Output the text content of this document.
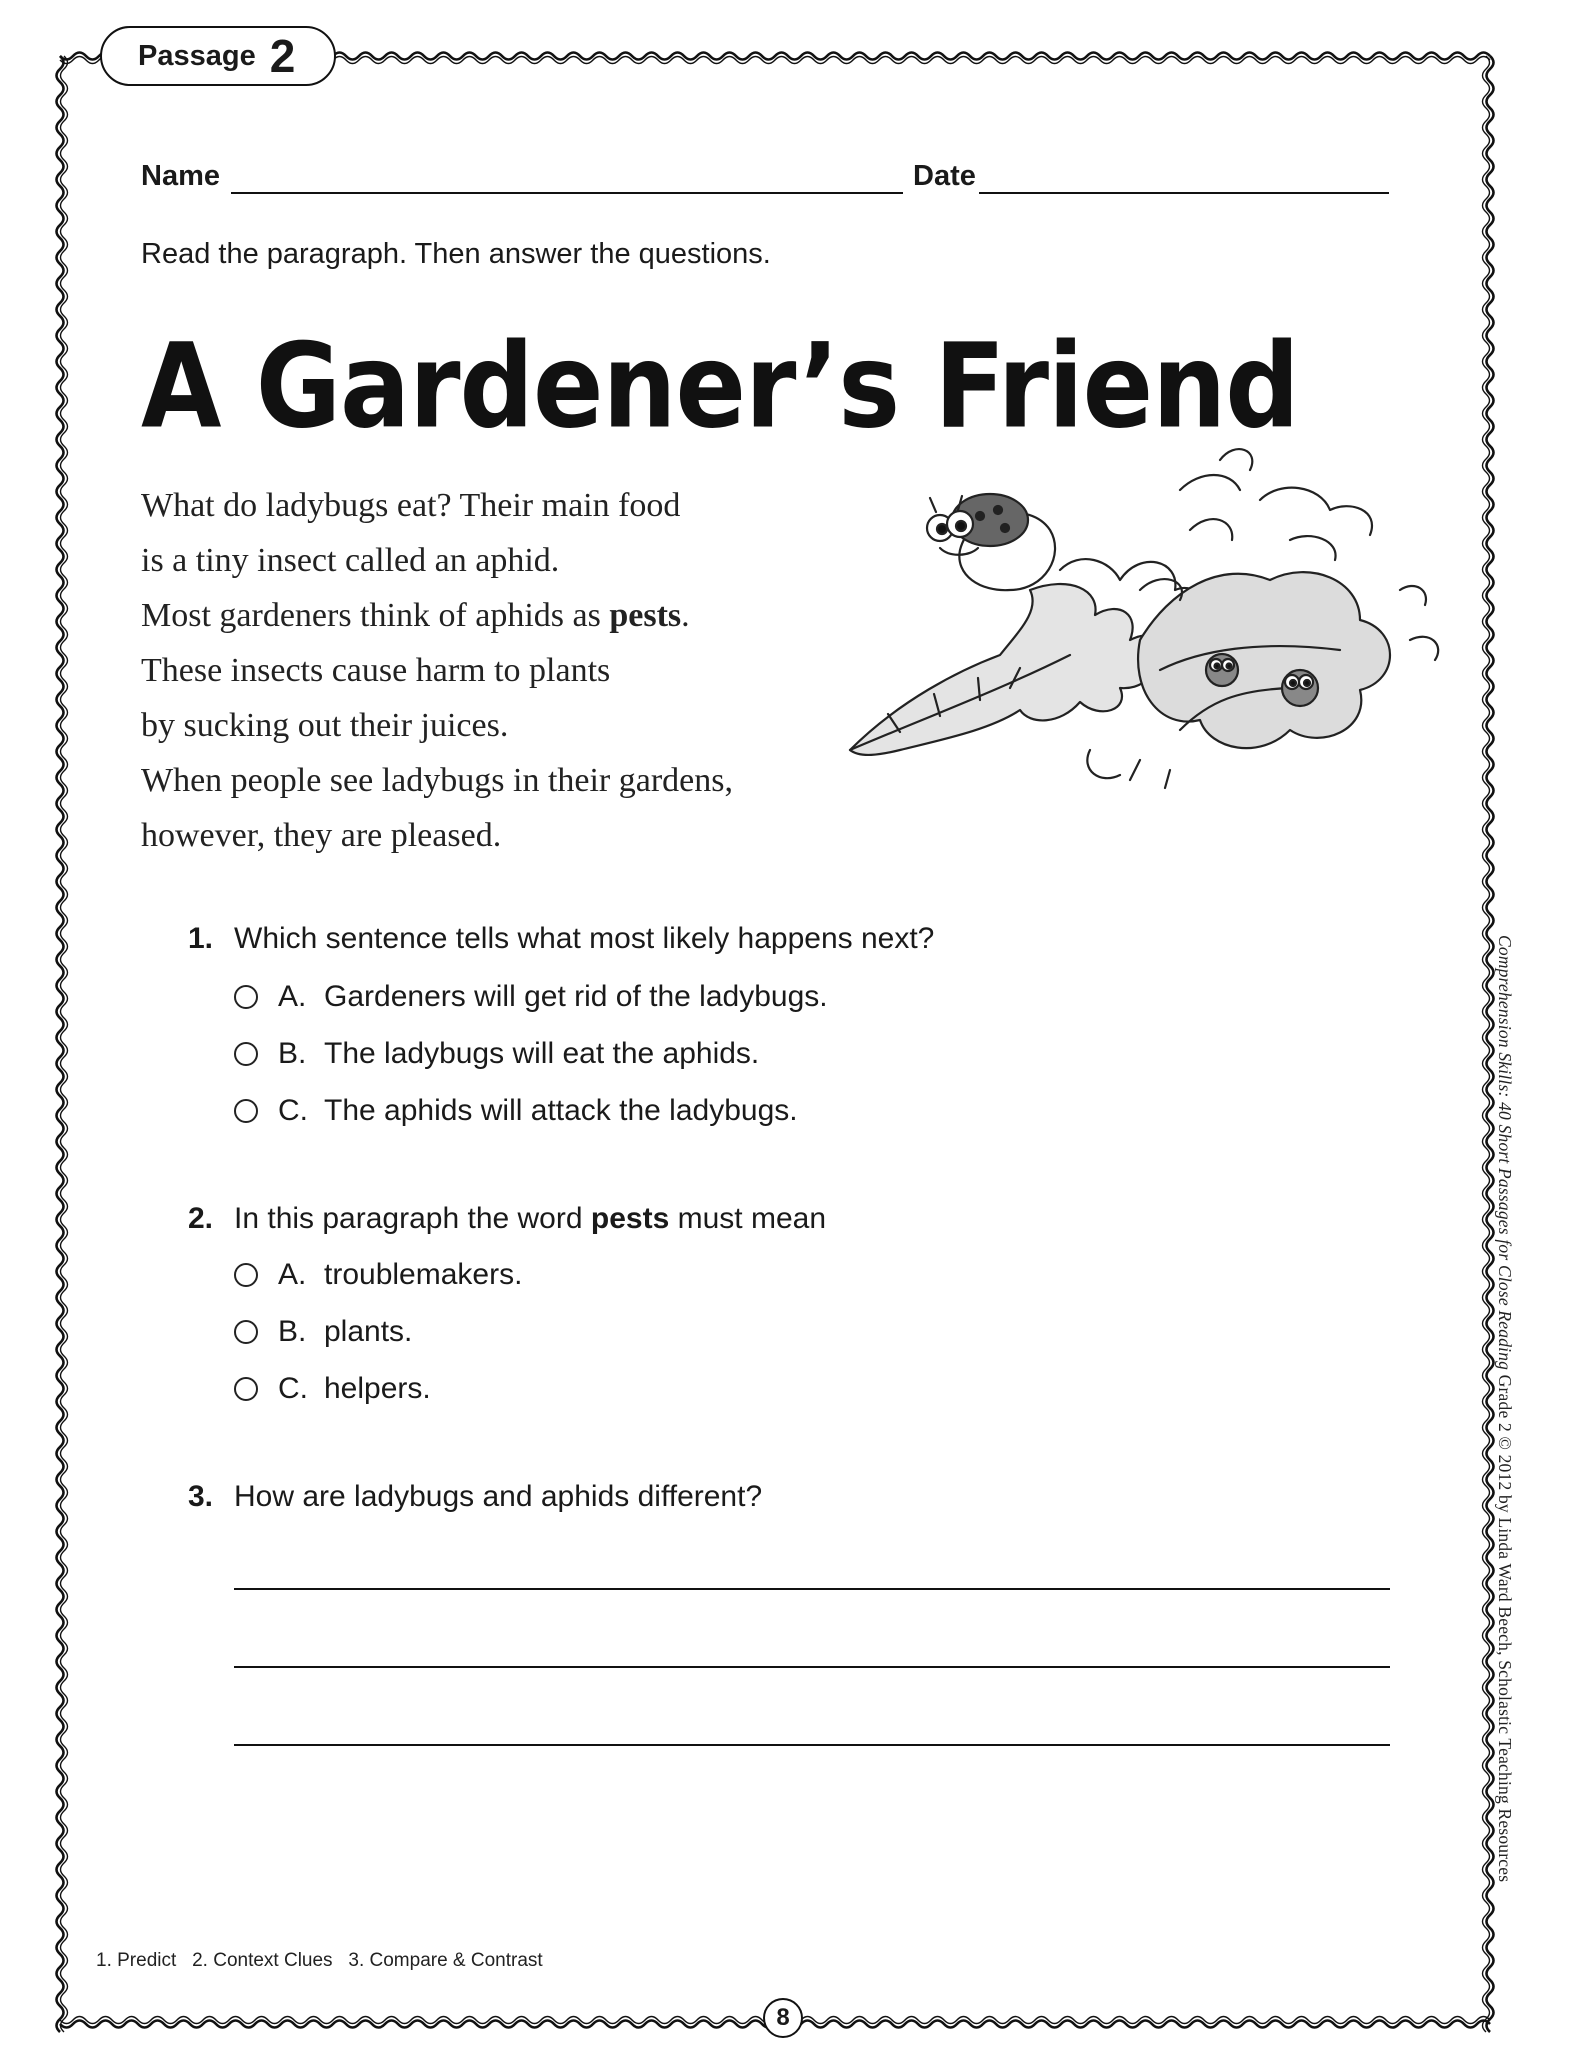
Passage 2
Name	Date
Read the paragraph. Then answer the questions.
A Gardener’s Friend
What do ladybugs eat? Their main food
is a tiny insect called an aphid.
Most gardeners think of aphids as pests.
These insects cause harm to plants
by sucking out their juices.
When people see ladybugs in their gardens,
however, they are pleased.
1. Which sentence tells what most likely happens next?
A. Gardeners will get rid of the ladybugs.
B. The ladybugs will eat the aphids.
C. The aphids will attack the ladybugs.
2. In this paragraph the word pests must mean
A. troublemakers.
B. plants.
C. helpers.
3. How are ladybugs and aphids different?
1. Predict   2. Context Clues   3. Compare & Contrast
8
Comprehension Skills: 40 Short Passages for Close Reading Grade 2 © 2012 by Linda Ward Beech, Scholastic Teaching Resources
